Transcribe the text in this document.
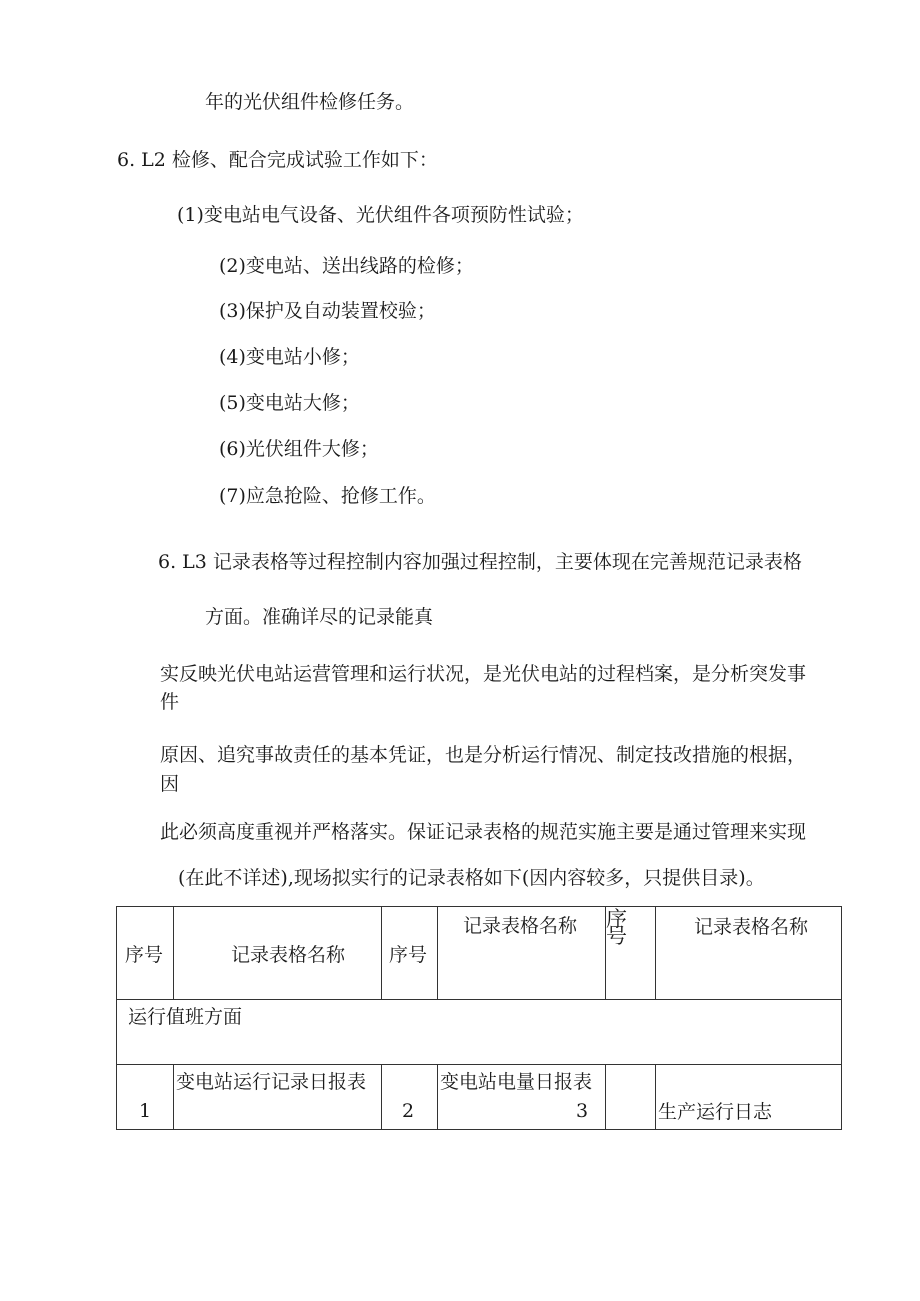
年的光伏组件检修任务。
6. L2 检修、配合完成试验工作如下：
(1)变电站电气设备、光伏组件各项预防性试验；
(2)变电站、送出线路的检修；
(3)保护及自动装置校验；
(4)变电站小修；
(5)变电站大修；
(6)光伏组件大修；
(7)应急抢险、抢修工作。
6. L3 记录表格等过程控制内容加强过程控制，主要体现在完善规范记录表格
方面。准确详尽的记录能真
实反映光伏电站运营管理和运行状况，是光伏电站的过程档案，是分析突发事
件
原因、追究事故责任的基本凭证，也是分析运行情况、制定技改措施的根据，
因
此必须高度重视并严格落实。保证记录表格的规范实施主要是通过管理来实现
(在此不详述),现场拟实行的记录表格如下(因内容较多，只提供目录)。
序号	记录表格名称	序号	记录表格名称	序号	记录表格名称

运行值班方面					

1	变电站运行记录日报表	2	变电站电量日报表	3	生产运行日志
